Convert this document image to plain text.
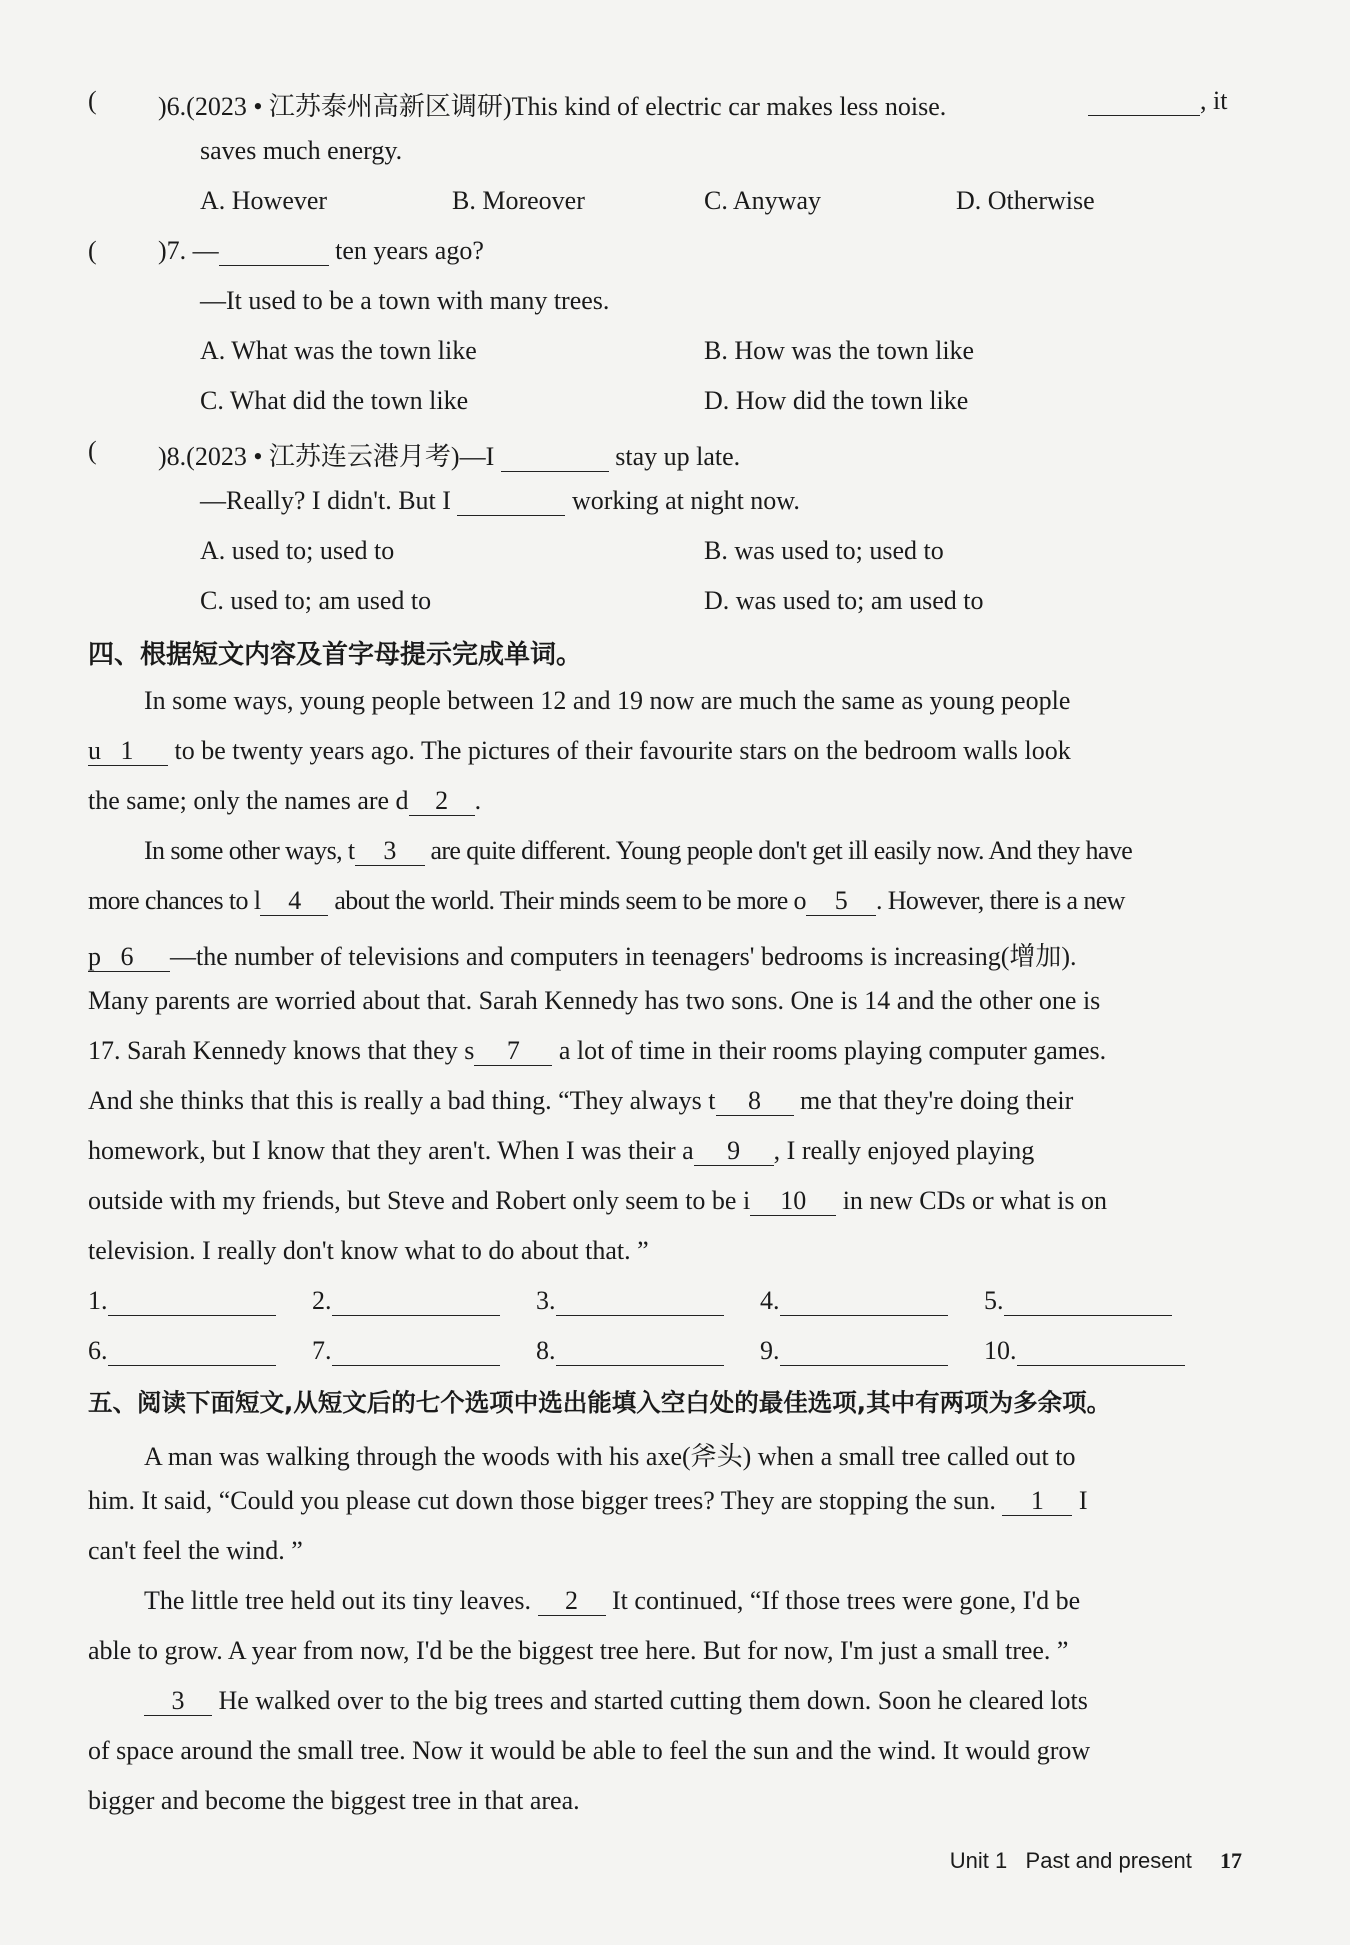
( )6.(2023 • 江苏泰州高新区调研)This kind of electric car makes less noise.	, it
saves much energy.
A. However	B. Moreover	C. Anyway	D. Otherwise
( )7. —	ten years ago?
—It used to be a town with many trees.
A. What was the town like	B. How was the town like
C. What did the town like	D. How did the town like
( )8.(2023 • 江苏连云港月考)—I	stay up late.
—Really? I didn't. But I	working at night now.
A. used to; used to	B. was used to; used to
C. used to; am used to	D. was used to; am used to
四、根据短文内容及首字母提示完成单词。
In some ways, young people between 12 and 19 now are much the same as young people
u 1 to be twenty years ago. The pictures of their favourite stars on the bedroom walls look
the same; only the names are d 2 .
In some other ways, t 3 are quite different. Young people don't get ill easily now. And they have
more chances to l 4 about the world. Their minds seem to be more o 5 . However, there is a new
p 6 —the number of televisions and computers in teenagers' bedrooms is increasing(增加).
Many parents are worried about that. Sarah Kennedy has two sons. One is 14 and the other one is
17. Sarah Kennedy knows that they s 7 a lot of time in their rooms playing computer games.
And she thinks that this is really a bad thing. “They always t 8 me that they're doing their
homework, but I know that they aren't. When I was their a 9 , I really enjoyed playing
outside with my friends, but Steve and Robert only seem to be i 10 in new CDs or what is on
television. I really don't know what to do about that. ”
1.	2.	3.	4.	5.
6.	7.	8.	9.	10.
五、阅读下面短文,从短文后的七个选项中选出能填入空白处的最佳选项,其中有两项为多余项。
A man was walking through the woods with his axe(斧头) when a small tree called out to
him. It said, “Could you please cut down those bigger trees? They are stopping the sun. 1 I
can't feel the wind. ”
The little tree held out its tiny leaves. 2 It continued, “If those trees were gone, I'd be
able to grow. A year from now, I'd be the biggest tree here. But for now, I'm just a small tree. ”
3 He walked over to the big trees and started cutting them down. Soon he cleared lots
of space around the small tree. Now it would be able to feel the sun and the wind. It would grow
bigger and become the biggest tree in that area.
Unit 1 Past and present 17
